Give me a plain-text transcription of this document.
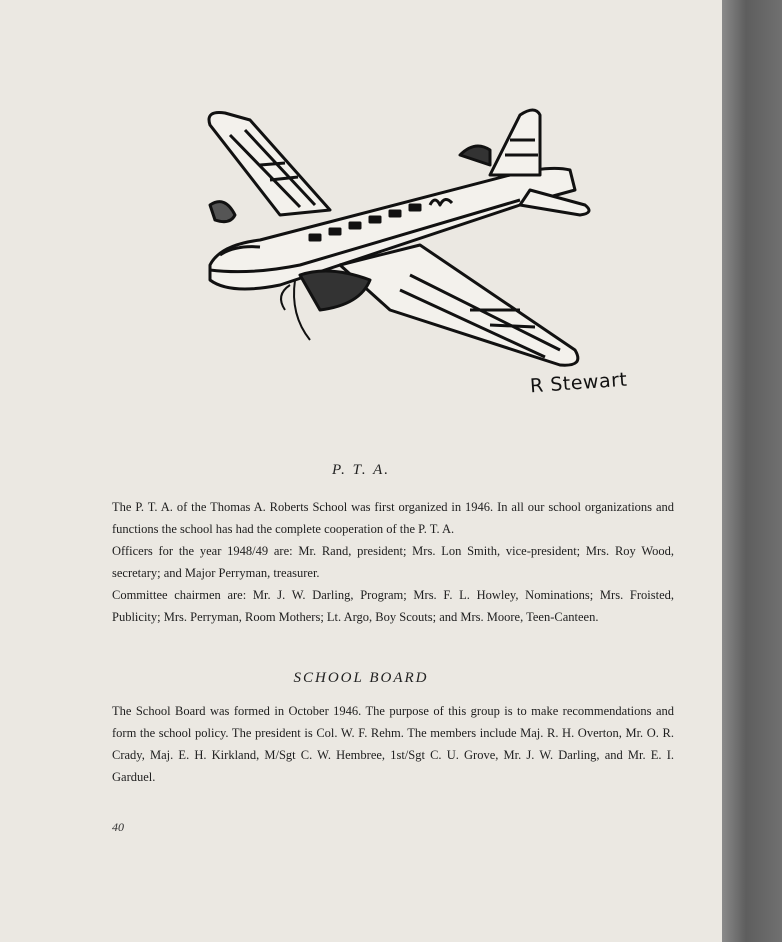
R Stewart
P. T. A.

The P. T. A. of the Thomas A. Roberts School was first organized in 1946. In all our school organizations and functions the school has had the complete cooperation of the P. T. A.

Officers for the year 1948/49 are: Mr. Rand, president; Mrs. Lon Smith, vice-president; Mrs. Roy Wood, secretary; and Major Perryman, treasurer.

Committee chairmen are: Mr. J. W. Darling, Program; Mrs. F. L. Howley, Nominations; Mrs. Froisted, Publicity; Mrs. Perryman, Room Mothers; Lt. Argo, Boy Scouts; and Mrs. Moore, Teen-Canteen.

SCHOOL BOARD

The School Board was formed in October 1946. The purpose of this group is to make recommendations and form the school policy. The president is Col. W. F. Rehm. The members include Maj. R. H. Overton, Mr. O. R. Crady, Maj. E. H. Kirkland, M/Sgt C. W. Hembree, 1st/Sgt C. U. Grove, Mr. J. W. Darling, and Mr. E. I. Garduel.

40
